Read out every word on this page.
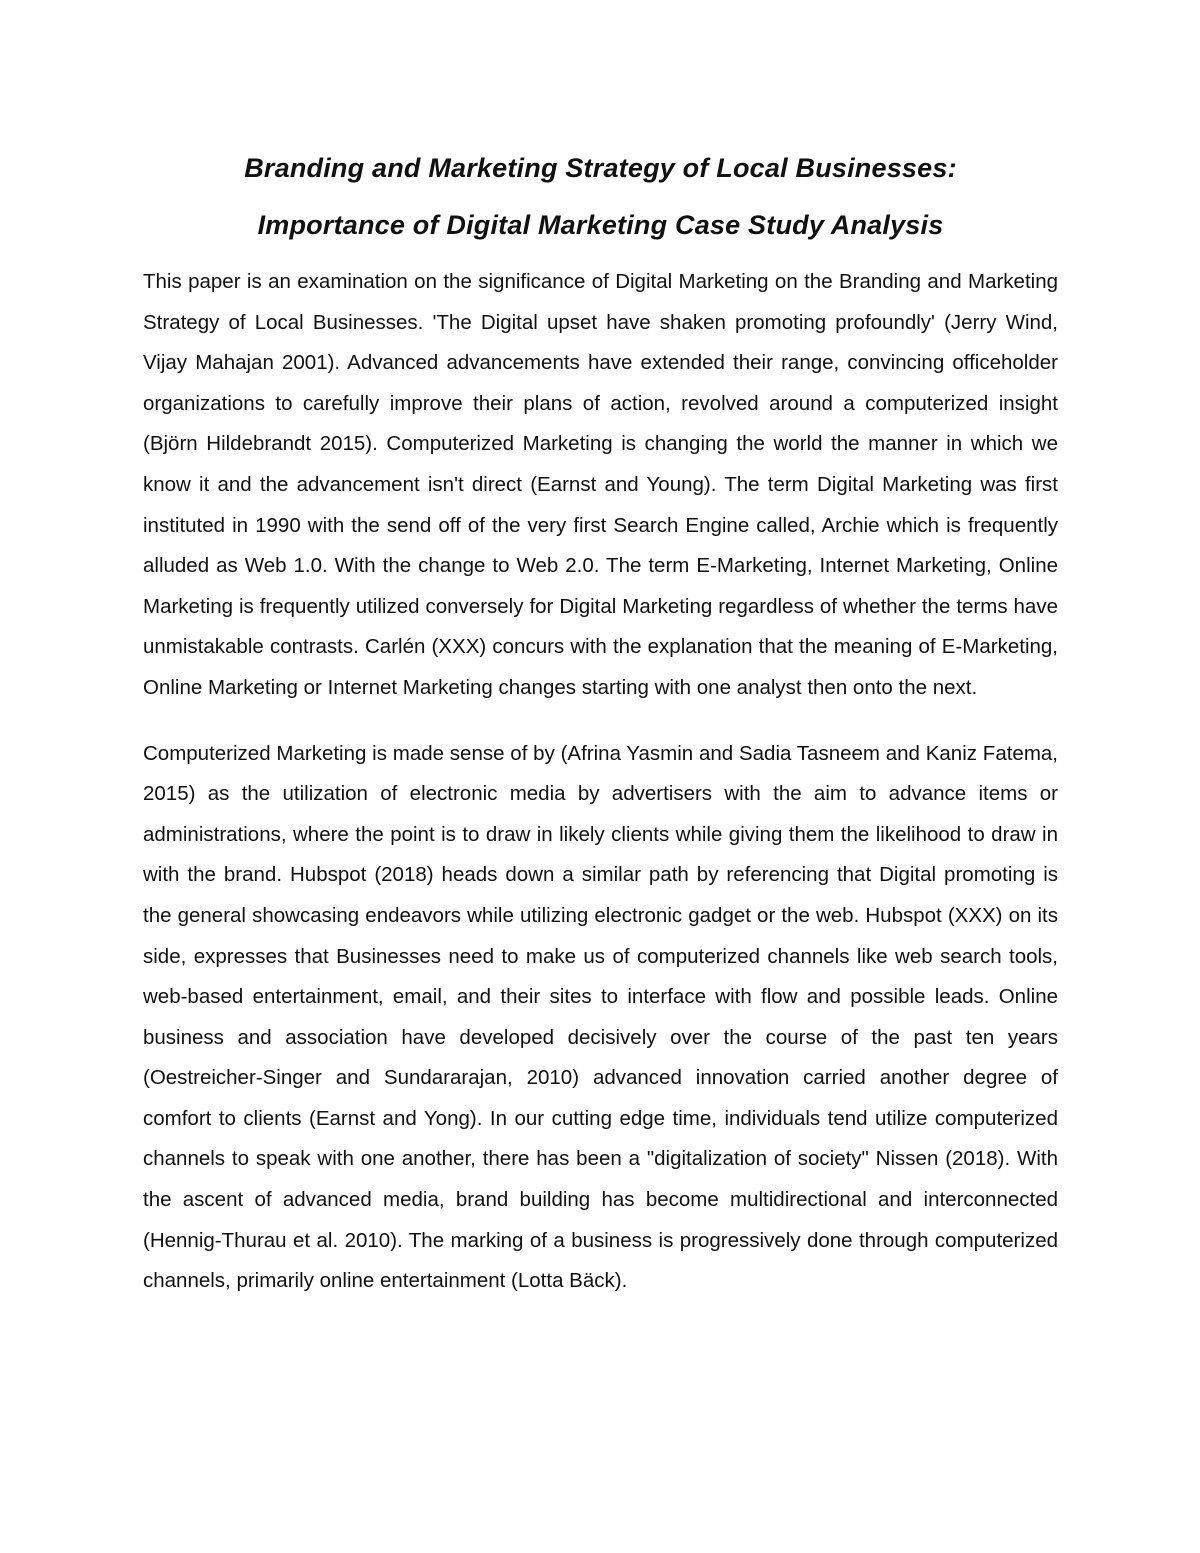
Branding and Marketing Strategy of Local Businesses:
Importance of Digital Marketing Case Study Analysis

This paper is an examination on the significance of Digital Marketing on the Branding and Marketing Strategy of Local Businesses. 'The Digital upset have shaken promoting profoundly' (Jerry Wind, Vijay Mahajan 2001). Advanced advancements have extended their range, convincing officeholder organizations to carefully improve their plans of action, revolved around a computerized insight (Björn Hildebrandt 2015). Computerized Marketing is changing the world the manner in which we know it and the advancement isn't direct (Earnst and Young). The term Digital Marketing was first instituted in 1990 with the send off of the very first Search Engine called, Archie which is frequently alluded as Web 1.0. With the change to Web 2.0. The term E-Marketing, Internet Marketing, Online Marketing is frequently utilized conversely for Digital Marketing regardless of whether the terms have unmistakable contrasts. Carlén (XXX) concurs with the explanation that the meaning of E-Marketing, Online Marketing or Internet Marketing changes starting with one analyst then onto the next.

Computerized Marketing is made sense of by (Afrina Yasmin and Sadia Tasneem and Kaniz Fatema, 2015) as the utilization of electronic media by advertisers with the aim to advance items or administrations, where the point is to draw in likely clients while giving them the likelihood to draw in with the brand. Hubspot (2018) heads down a similar path by referencing that Digital promoting is the general showcasing endeavors while utilizing electronic gadget or the web. Hubspot (XXX) on its side, expresses that Businesses need to make us of computerized channels like web search tools, web-based entertainment, email, and their sites to interface with flow and possible leads. Online business and association have developed decisively over the course of the past ten years (Oestreicher-Singer and Sundararajan, 2010) advanced innovation carried another degree of comfort to clients (Earnst and Yong). In our cutting edge time, individuals tend utilize computerized channels to speak with one another, there has been a "digitalization of society" Nissen (2018). With the ascent of advanced media, brand building has become multidirectional and interconnected (Hennig-Thurau et al. 2010). The marking of a business is progressively done through computerized channels, primarily online entertainment (Lotta Bäck).
